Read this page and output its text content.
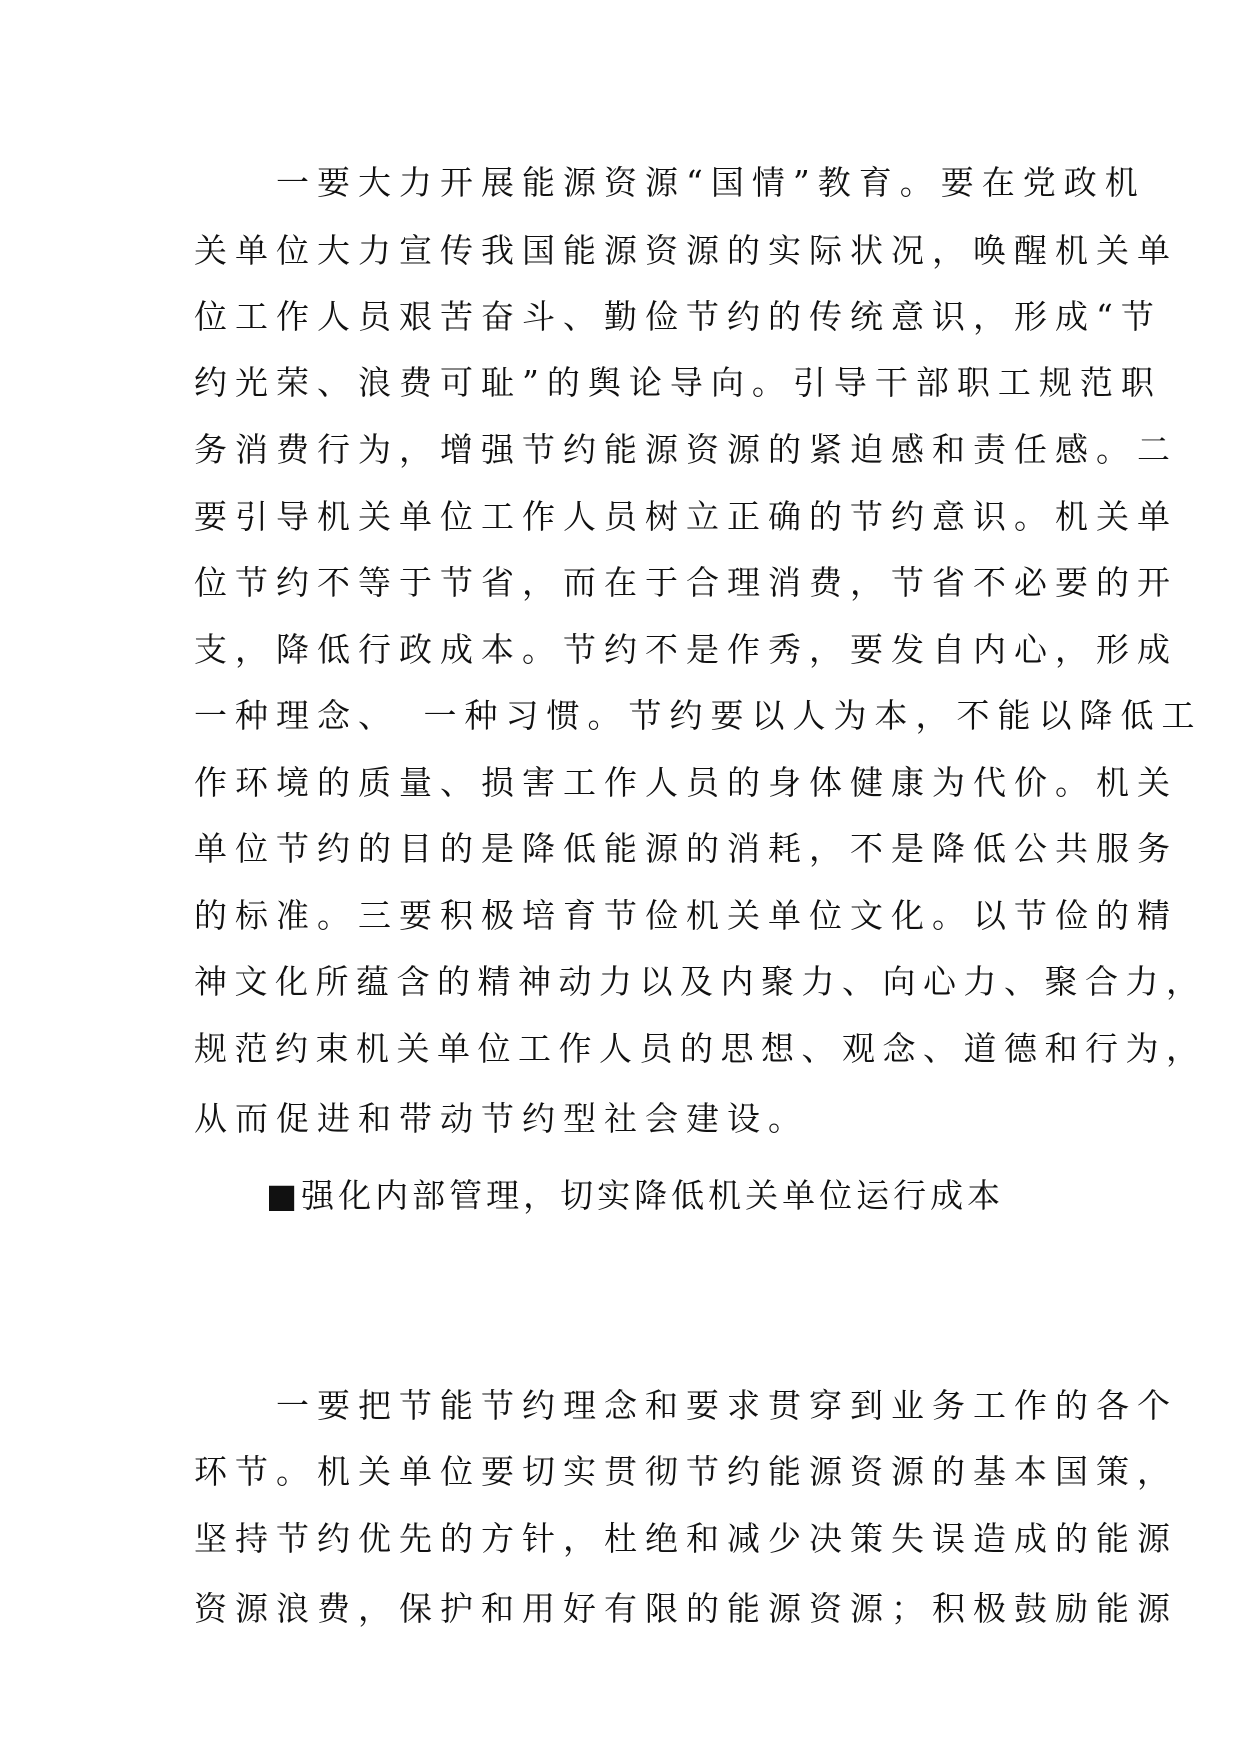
　　一要大力开展能源资源“国情”教育。要在党政机
关单位大力宣传我国能源资源的实际状况，唤醒机关单
位工作人员艰苦奋斗、勤俭节约的传统意识，形成“节
约光荣、浪费可耻”的舆论导向。引导干部职工规范职
务消费行为，增强节约能源资源的紧迫感和责任感。二
要引导机关单位工作人员树立正确的节约意识。机关单
位节约不等于节省，而在于合理消费，节省不必要的开
支，降低行政成本。节约不是作秀，要发自内心，形成
一种理念、　一种习惯。节约要以人为本，不能以降低工
作环境的质量、损害工作人员的身体健康为代价。机关
单位节约的目的是降低能源的消耗，不是降低公共服务
的标准。三要积极培育节俭机关单位文化。以节俭的精
神文化所蕴含的精神动力以及内聚力、向心力、聚合力，
规范约束机关单位工作人员的思想、观念、道德和行为，
从而促进和带动节约型社会建设。
■强化内部管理，切实降低机关单位运行成本
　　一要把节能节约理念和要求贯穿到业务工作的各个
环节。机关单位要切实贯彻节约能源资源的基本国策，
坚持节约优先的方针，杜绝和减少决策失误造成的能源
资源浪费，保护和用好有限的能源资源；积极鼓励能源
